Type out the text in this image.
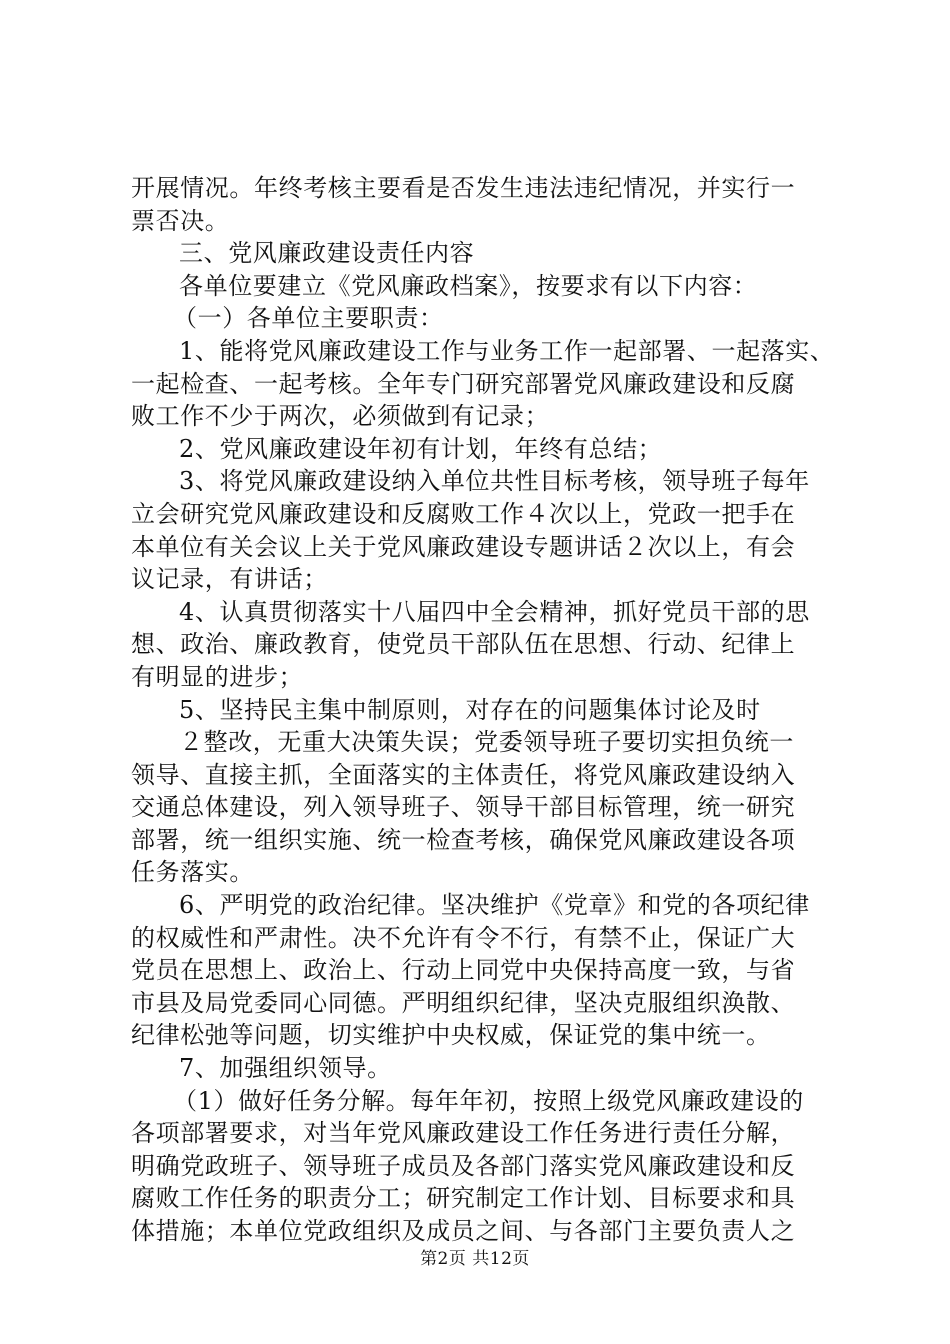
开展情况。年终考核主要看是否发生违法违纪情况，并实行一
票否决。
三、党风廉政建设责任内容
各单位要建立《党风廉政档案》，按要求有以下内容：
（一）各单位主要职责：
1、能将党风廉政建设工作与业务工作一起部署、一起落实、
一起检查、一起考核。全年专门研究部署党风廉政建设和反腐
败工作不少于两次，必须做到有记录；
2、党风廉政建设年初有计划，年终有总结；
3、将党风廉政建设纳入单位共性目标考核，领导班子每年
立会研究党风廉政建设和反腐败工作４次以上，党政一把手在
本单位有关会议上关于党风廉政建设专题讲话２次以上，有会
议记录，有讲话；
4、认真贯彻落实十八届四中全会精神，抓好党员干部的思
想、政治、廉政教育，使党员干部队伍在思想、行动、纪律上
有明显的进步；
5、坚持民主集中制原则，对存在的问题集体讨论及时
２整改，无重大决策失误；党委领导班子要切实担负统一
领导、直接主抓，全面落实的主体责任，将党风廉政建设纳入
交通总体建设，列入领导班子、领导干部目标管理，统一研究
部署，统一组织实施、统一检查考核，确保党风廉政建设各项
任务落实。
6、严明党的政治纪律。坚决维护《党章》和党的各项纪律
的权威性和严肃性。决不允许有令不行，有禁不止，保证广大
党员在思想上、政治上、行动上同党中央保持高度一致，与省
市县及局党委同心同德。严明组织纪律，坚决克服组织涣散、
纪律松弛等问题，切实维护中央权威，保证党的集中统一。
7、加强组织领导。
（1）做好任务分解。每年年初，按照上级党风廉政建设的
各项部署要求，对当年党风廉政建设工作任务进行责任分解，
明确党政班子、领导班子成员及各部门落实党风廉政建设和反
腐败工作任务的职责分工；研究制定工作计划、目标要求和具
体措施；本单位党政组织及成员之间、与各部门主要负责人之
第2页 共12页
